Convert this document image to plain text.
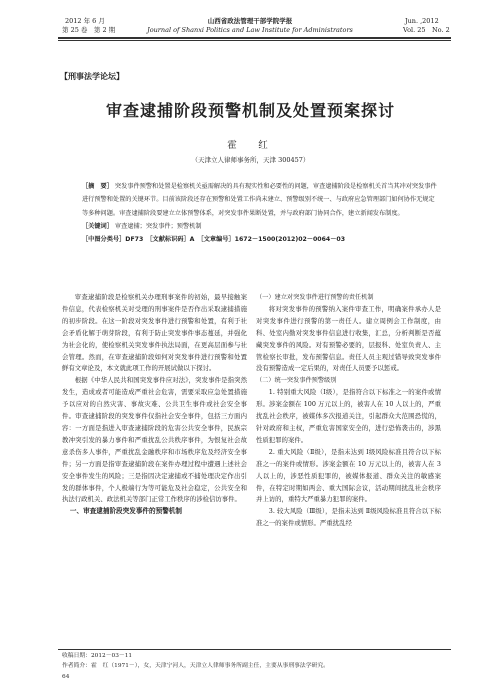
2012 年 6 月
第 25 卷　第 2 期
山西省政法管理干部学院学报
Journal of Shanxi Politics and Law Institute for Administrators
Jun. ,2012
Vol. 25　No. 2
【刑事法学论坛】
审查逮捕阶段预警机制及处置预案探讨
霍　红
（天津立人律师事务所，天津 300457）
［摘　要］ 突发事件预警和处置是检察机关亟需解决的具有现实性和必要性的问题，审查逮捕阶段是检察机关首当其冲对突发事件进行预警和处置的关键环节。目前该阶段还存在预警和处置工作尚未建立、预警级别不统一、与政府应急管理部门如何协作无规定等多种问题。审查逮捕阶段要建立立体预警体系，对突发事件果断处置，并与政府部门协同合作，建立新闻发布制度。
［关键词］ 审查逮捕；突发事件；预警机制
［中图分类号］DF73　［文献标识码］A　［文章编号］1672－1500(2012)02－0064－03

审查逮捕阶段是检察机关办理刑事案件的初始，最早接触案件信息，代表检察机关对受理的刑事案件是否作出采取逮捕措施的初步阶段。在这一阶段对突发事件进行预警和处置，有利于社会矛盾化解于萌芽阶段，有利于防止突发事件事态蔓延，并强化为社会化的，使检察机关突发事件执法局面，在更高层面参与社会管理。然而，在审查逮捕阶段如何对突发事件进行预警和处置鲜有文章论及，本文就此项工作的开展试做以下探讨。

根据《中华人民共和国突发事件应对法》，突发事件是指突然发生，造成或者可能造成严重社会危害，需要采取应急处置措施予以应对的自然灾害、事故灾难、公共卫生事件或社会安全事件。审查逮捕阶段的突发事件仅指社会安全事件，包括三方面内容：一方面是指进入审查逮捕阶段的危害公共安全事件，民族宗教冲突引发的暴力事件和严重扰乱公共秩序事件，为恨复社会故意杀伤多人事件，严重扰乱金融秩序和市场秩序危及经济安全事件；另一方面是指审查逮捕阶段在案件办理过程中遭遇上述社会安全事件发生的风险；三是指因决定逮捕或不捕处理决定作出引发的群体事件，个人极端行为等可能危及社会稳定，公共安全和执法行政机关、政法机关等部门正常工作秩序的涉检信访事件。

一、审查逮捕阶段突发事件的预警机制

（一）建立对突发事件进行预警的责任机制

将对突发事件的预警纳入案件审查工作，明确案件承办人是对突发事件进行预警的第一责任人。建立周例会工作制度，由科、处室内勤对突发事件信息进行收集，汇总，分析判断是否蕴藏突发事件的风险。对有预警必要的，层报科、处室负责人、主管检察长审批，发布预警信息。责任人员主观过错导致突发事件没有预警造成一定后果的，对责任人员要予以惩戒。

（二）统一突发事件预警级别

1. 特别重大风险（Ⅰ级），是指符合以下标准之一的案件或情形。涉案金额在 100 万元以上的，被害人在 10 人以上的，严重扰乱社会秩序，被媒体多次报道关注，引起群众大范围恐慌的，针对政府和主权，严重危害国家安全的，进行恐怖袭击的，涉黑性质犯罪的案件。

2. 重大风险（Ⅱ级），是指未达到 Ⅰ级风险标准且符合以下标准之一的案件或情形。涉案金额在 10 万元以上的，被害人在 3 人以上的，涉恶性质犯罪的，被媒体报道、群众关注的敏感案件，在特定时期如两会、重大国际会议，活动期间扰乱社会秩序并上访的，重特大严重暴力犯罪的案件。

3. 较大风险（Ⅲ级），是指未达到 Ⅱ级风险标准且符合以下标准之一的案件或情形。严重扰乱经

收稿日期：2012－03－11
作者简介：霍　红（1971－），女，天津宁河人，天津立人律师事务所副主任，主要从事刑事法学研究。
64
